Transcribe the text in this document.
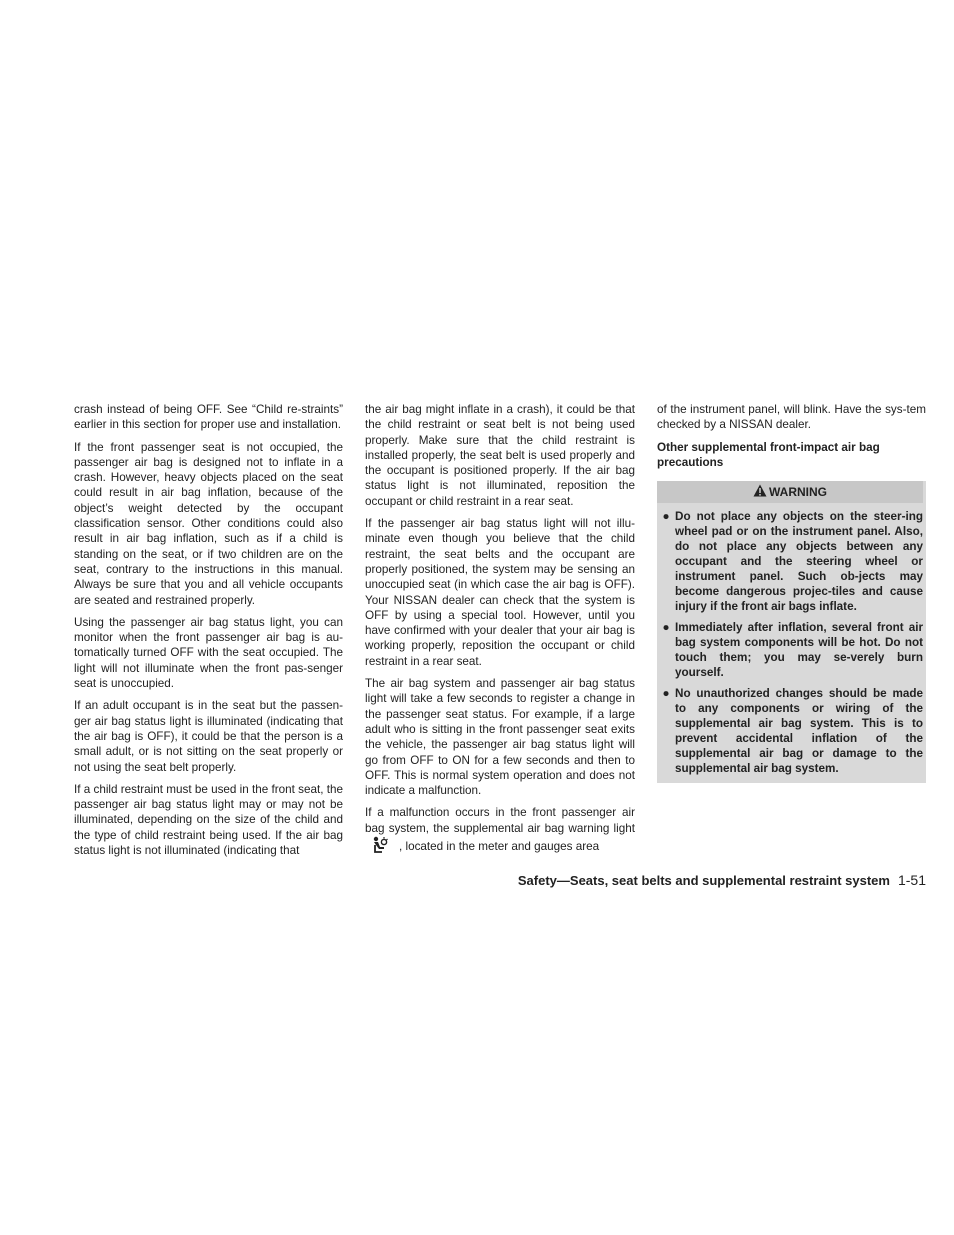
crash instead of being OFF. See “Child re-straints” earlier in this section for proper use and installation.

If the front passenger seat is not occupied, the passenger air bag is designed not to inflate in a crash. However, heavy objects placed on the seat could result in air bag inflation, because of the object’s weight detected by the occupant classification sensor. Other conditions could also result in air bag inflation, such as if a child is standing on the seat, or if two children are on the seat, contrary to the instructions in this manual. Always be sure that you and all vehicle occupants are seated and restrained properly.

Using the passenger air bag status light, you can monitor when the front passenger air bag is au-tomatically turned OFF with the seat occupied. The light will not illuminate when the front pas-senger seat is unoccupied.

If an adult occupant is in the seat but the passen-ger air bag status light is illuminated (indicating that the air bag is OFF), it could be that the person is a small adult, or is not sitting on the seat properly or not using the seat belt properly.

If a child restraint must be used in the front seat, the passenger air bag status light may or may not be illuminated, depending on the size of the child and the type of child restraint being used. If the air bag status light is not illuminated (indicating that

the air bag might inflate in a crash), it could be that the child restraint or seat belt is not being used properly. Make sure that the child restraint is installed properly, the seat belt is used properly and the occupant is positioned properly. If the air bag status light is not illuminated, reposition the occupant or child restraint in a rear seat.

If the passenger air bag status light will not illu-minate even though you believe that the child restraint, the seat belts and the occupant are properly positioned, the system may be sensing an unoccupied seat (in which case the air bag is OFF). Your NISSAN dealer can check that the system is OFF by using a special tool. However, until you have confirmed with your dealer that your air bag is working properly, reposition the occupant or child restraint in a rear seat.

The air bag system and passenger air bag status light will take a few seconds to register a change in the passenger seat status. For example, if a large adult who is sitting in the front passenger seat exits the vehicle, the passenger air bag status light will go from OFF to ON for a few seconds and then to OFF. This is normal system operation and does not indicate a malfunction.

If a malfunction occurs in the front passenger air bag system, the supplemental air bag warning light, located in the meter and gauges area

of the instrument panel, will blink. Have the sys-tem checked by a NISSAN dealer.

Other supplemental front-impact air bag precautions

WARNING
● Do not place any objects on the steer-ing wheel pad or on the instrument panel. Also, do not place any objects between any occupant and the steering wheel or instrument panel. Such ob-jects may become dangerous projec-tiles and cause injury if the front air bags inflate.
● Immediately after inflation, several front air bag system components will be hot. Do not touch them; you may se-verely burn yourself.
● No unauthorized changes should be made to any components or wiring of the supplemental air bag system. This is to prevent accidental inflation of the supplemental air bag or damage to the supplemental air bag system.
Safety—Seats, seat belts and supplemental restraint system 1-51
